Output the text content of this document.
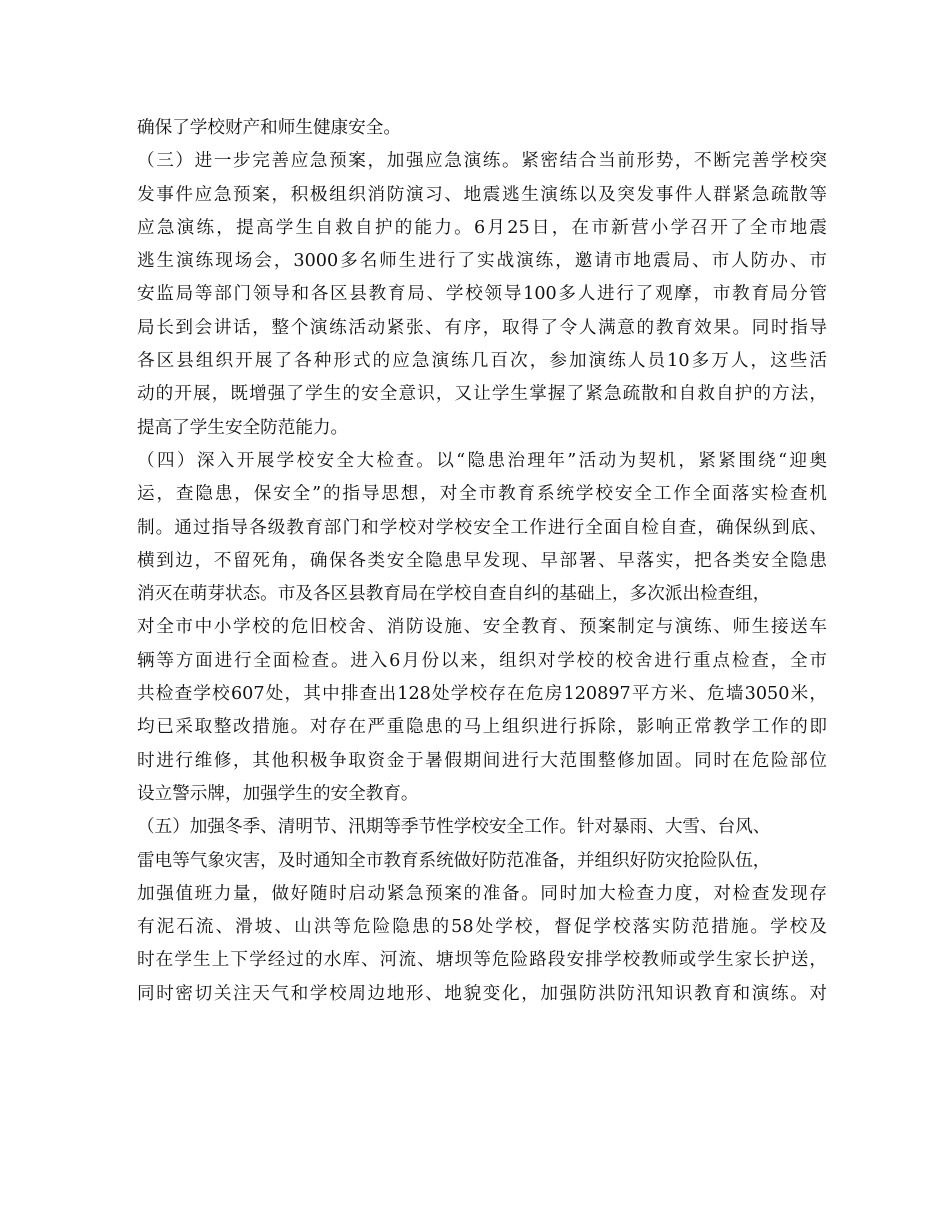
确保了学校财产和师生健康安全。
（三）进一步完善应急预案，加强应急演练。紧密结合当前形势，不断完善学校突
发事件应急预案，积极组织消防演习、地震逃生演练以及突发事件人群紧急疏散等
应急演练，提高学生自救自护的能力。6月25日，在市新营小学召开了全市地震
逃生演练现场会，3000多名师生进行了实战演练，邀请市地震局、市人防办、市
安监局等部门领导和各区县教育局、学校领导100多人进行了观摩，市教育局分管
局长到会讲话，整个演练活动紧张、有序，取得了令人满意的教育效果。同时指导
各区县组织开展了各种形式的应急演练几百次，参加演练人员10多万人，这些活
动的开展，既增强了学生的安全意识，又让学生掌握了紧急疏散和自救自护的方法，
提高了学生安全防范能力。
（四）深入开展学校安全大检查。以“隐患治理年”活动为契机，紧紧围绕“迎奥
运，查隐患，保安全”的指导思想，对全市教育系统学校安全工作全面落实检查机
制。通过指导各级教育部门和学校对学校安全工作进行全面自检自查，确保纵到底、
横到边，不留死角，确保各类安全隐患早发现、早部署、早落实，把各类安全隐患
消灭在萌芽状态。市及各区县教育局在学校自查自纠的基础上，多次派出检查组，
对全市中小学校的危旧校舍、消防设施、安全教育、预案制定与演练、师生接送车
辆等方面进行全面检查。进入6月份以来，组织对学校的校舍进行重点检查，全市
共检查学校607处，其中排查出128处学校存在危房120897平方米、危墙3050米，
均已采取整改措施。对存在严重隐患的马上组织进行拆除，影响正常教学工作的即
时进行维修，其他积极争取资金于暑假期间进行大范围整修加固。同时在危险部位
设立警示牌，加强学生的安全教育。
（五）加强冬季、清明节、汛期等季节性学校安全工作。针对暴雨、大雪、台风、
雷电等气象灾害，及时通知全市教育系统做好防范准备，并组织好防灾抢险队伍，
加强值班力量，做好随时启动紧急预案的准备。同时加大检查力度，对检查发现存
有泥石流、滑坡、山洪等危险隐患的58处学校，督促学校落实防范措施。学校及
时在学生上下学经过的水库、河流、塘坝等危险路段安排学校教师或学生家长护送，
同时密切关注天气和学校周边地形、地貌变化，加强防洪防汛知识教育和演练。对
